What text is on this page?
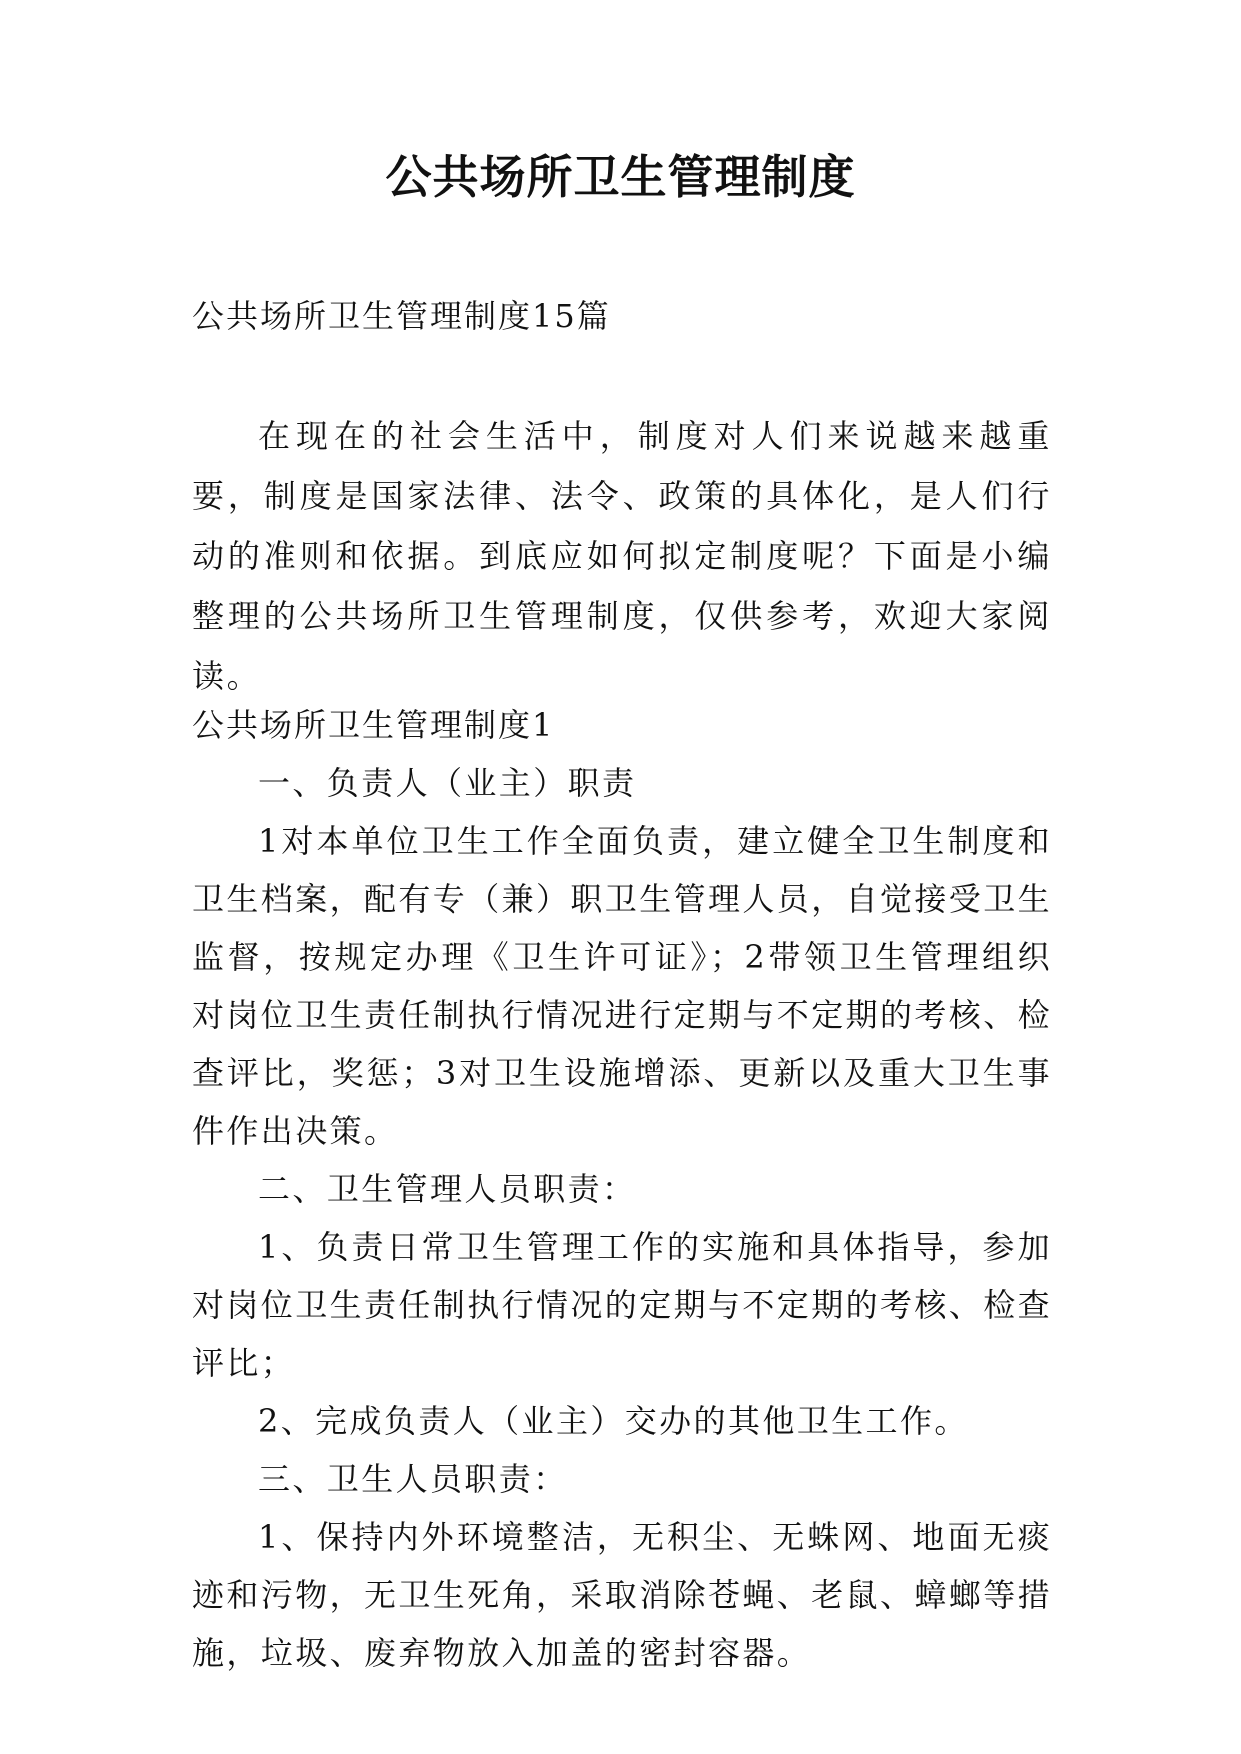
公共场所卫生管理制度
公共场所卫生管理制度15篇

在现在的社会生活中，制度对人们来说越来越重要，制度是国家法律、法令、政策的具体化，是人们行动的准则和依据。到底应如何拟定制度呢？下面是小编整理的公共场所卫生管理制度，仅供参考，欢迎大家阅读。

公共场所卫生管理制度1

一、负责人（业主）职责

1对本单位卫生工作全面负责，建立健全卫生制度和卫生档案，配有专（兼）职卫生管理人员，自觉接受卫生监督，按规定办理《卫生许可证》；2带领卫生管理组织对岗位卫生责任制执行情况进行定期与不定期的考核、检查评比，奖惩；3对卫生设施增添、更新以及重大卫生事件作出决策。

二、卫生管理人员职责：

1、负责日常卫生管理工作的实施和具体指导，参加对岗位卫生责任制执行情况的定期与不定期的考核、检查评比；

2、完成负责人（业主）交办的其他卫生工作。

三、卫生人员职责：

1、保持内外环境整洁，无积尘、无蛛网、地面无痰迹和污物，无卫生死角，采取消除苍蝇、老鼠、蟑螂等措施，垃圾、废弃物放入加盖的密封容器。
